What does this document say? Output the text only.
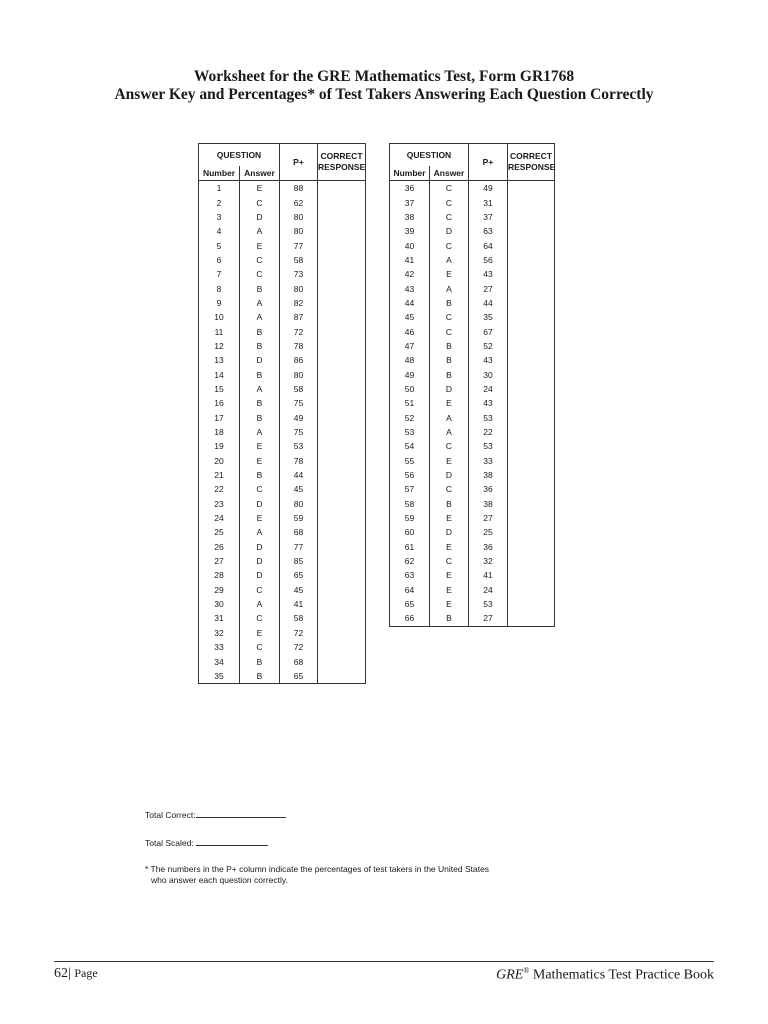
Worksheet for the GRE Mathematics Test, Form GR1768
Answer Key and Percentages* of Test Takers Answering Each Question Correctly
QUESTION		P+	CORRECT
RESPONSE
Number	Answer		
1	E	88	
2	C	62	
3	D	80	
4	A	80	
5	E	77	
6	C	58	
7	C	73	
8	B	80	
9	A	82	
10	A	87	
11	B	72	
12	B	78	
13	D	86	
14	B	80	
15	A	58	
16	B	75	
17	B	49	
18	A	75	
19	E	53	
20	E	78	
21	B	44	
22	C	45	
23	D	80	
24	E	59	
25	A	68	
26	D	77	
27	D	85	
28	D	65	
29	C	45	
30	A	41	
31	C	58	
32	E	72	
33	C	72	
34	B	68	
35	B	65	
QUESTION		P+	CORRECT
RESPONSE
Number	Answer		
36	C	49	
37	C	31	
38	C	37	
39	D	63	
40	C	64	
41	A	56	
42	E	43	
43	A	27	
44	B	44	
45	C	35	
46	C	67	
47	B	52	
48	B	43	
49	B	30	
50	D	24	
51	E	43	
52	A	53	
53	A	22	
54	C	53	
55	E	33	
56	D	38	
57	C	36	
58	B	38	
59	E	27	
60	D	25	
61	E	36	
62	C	32	
63	E	41	
64	E	24	
65	E	53	
66	B	27	
Total Correct:
Total Scaled:
* The numbers in the P+ column indicate the percentages of test takers in the United States
who answer each question correctly.
62| Page	GRE® Mathematics Test Practice Book
